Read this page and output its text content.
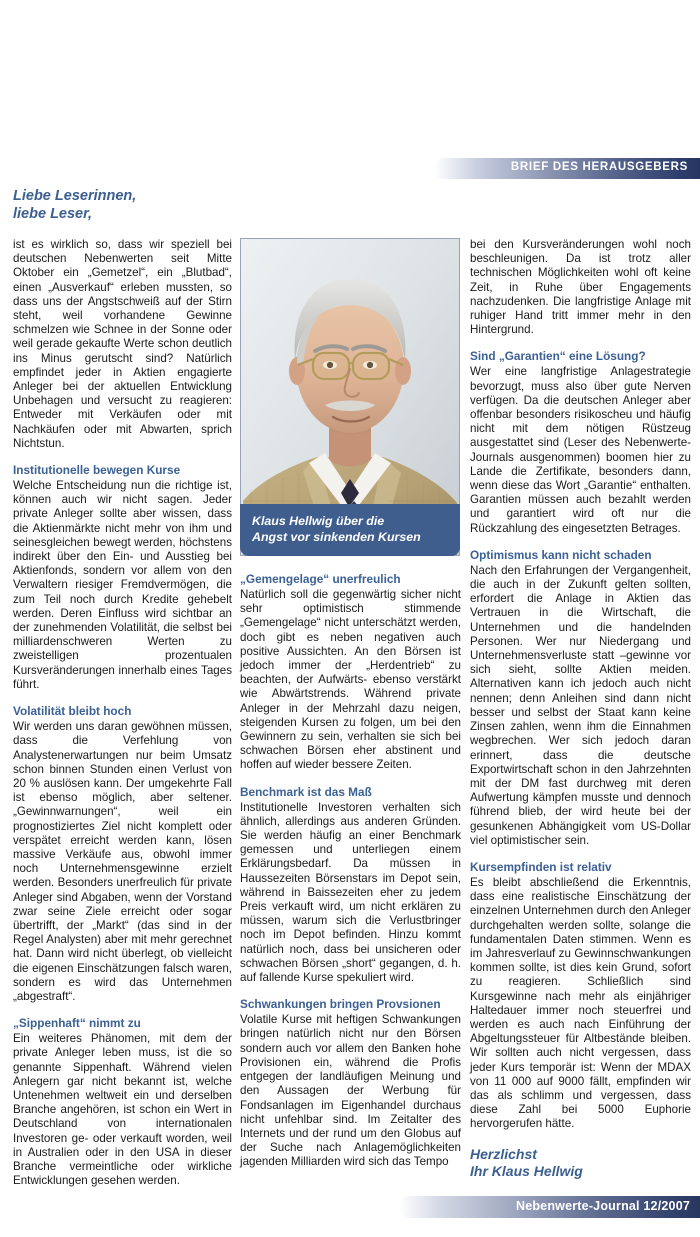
BRIEF DES HERAUSGEBERS
Liebe Leserinnen,
liebe Leser,

ist es wirklich so, dass wir speziell bei deutschen Nebenwerten seit Mitte Oktober ein „Gemetzel“, ein „Blutbad“, einen „Ausverkauf“ erleben mussten, so dass uns der Angstschweiß auf der Stirn steht, weil vorhandene Gewinne schmelzen wie Schnee in der Sonne oder weil gerade gekaufte Werte schon deutlich ins Minus gerutscht sind? Natürlich empfindet jeder in Aktien engagierte Anleger bei der aktuellen Entwicklung Unbehagen und versucht zu reagieren: Entweder mit Verkäufen oder mit Nachkäufen oder mit Abwarten, sprich Nichtstun.

Institutionelle bewegen Kurse

Welche Entscheidung nun die richtige ist, können auch wir nicht sagen. Jeder private Anleger sollte aber wissen, dass die Aktienmärkte nicht mehr von ihm und seinesgleichen bewegt werden, höchstens indirekt über den Ein- und Ausstieg bei Aktienfonds, sondern vor allem von den Verwaltern riesiger Fremdvermögen, die zum Teil noch durch Kredite gehebelt werden. Deren Einfluss wird sichtbar an der zunehmenden Volatilität, die selbst bei milliardenschweren Werten zu zweistelligen prozentualen Kursveränderungen innerhalb eines Tages führt.

Volatilität bleibt hoch

Wir werden uns daran gewöhnen müssen, dass die Verfehlung von Analystenerwartungen nur beim Umsatz schon binnen Stunden einen Verlust von 20 % auslösen kann. Der umgekehrte Fall ist ebenso möglich, aber seltener. „Gewinnwarnungen“, weil ein prognostiziertes Ziel nicht komplett oder verspätet erreicht werden kann, lösen massive Verkäufe aus, obwohl immer noch Unternehmensgewinne erzielt werden. Besonders unerfreulich für private Anleger sind Abgaben, wenn der Vorstand zwar seine Ziele erreicht oder sogar übertrifft, der „Markt“ (das sind in der Regel Analysten) aber mit mehr gerechnet hat. Dann wird nicht überlegt, ob vielleicht die eigenen Einschätzungen falsch waren, sondern es wird das Unternehmen „abgestraft“.

„Sippenhaft“ nimmt zu

Ein weiteres Phänomen, mit dem der private Anleger leben muss, ist die so genannte Sippenhaft. Während vielen Anlegern gar nicht bekannt ist, welche Untenehmen weltweit ein und derselben Branche angehören, ist schon ein Wert in Deutschland von internationalen Investoren ge- oder verkauft worden, weil in Australien oder in den USA in dieser Branche vermeintliche oder wirkliche Entwicklungen gesehen werden.

Klaus Hellwig über die
Angst vor sinkenden Kursen
„Gemengelage“ unerfreulich

Natürlich soll die gegenwärtig sicher nicht sehr optimistisch stimmende „Gemengelage“ nicht unterschätzt werden, doch gibt es neben negativen auch positive Aussichten. An den Börsen ist jedoch immer der „Herdentrieb“ zu beachten, der Aufwärts- ebenso verstärkt wie Abwärtstrends. Während private Anleger in der Mehrzahl dazu neigen, steigenden Kursen zu folgen, um bei den Gewinnern zu sein, verhalten sie sich bei schwachen Börsen eher abstinent und hoffen auf wieder bessere Zeiten.

Benchmark ist das Maß

Institutionelle Investoren verhalten sich ähnlich, allerdings aus anderen Gründen. Sie werden häufig an einer Benchmark gemessen und unterliegen einem Erklärungsbedarf. Da müssen in Haussezeiten Börsenstars im Depot sein, während in Baissezeiten eher zu jedem Preis verkauft wird, um nicht erklären zu müssen, warum sich die Verlustbringer noch im Depot befinden. Hinzu kommt natürlich noch, dass bei unsicheren oder schwachen Börsen „short“ gegangen, d. h. auf fallende Kurse spekuliert wird.

Schwankungen bringen Provsionen

Volatile Kurse mit heftigen Schwankungen bringen natürlich nicht nur den Börsen sondern auch vor allem den Banken hohe Provisionen ein, während die Profis entgegen der landläufigen Meinung und den Aussagen der Werbung für Fondsanlagen im Eigenhandel durchaus nicht unfehlbar sind. Im Zeitalter des Internets und der rund um den Globus auf der Suche nach Anlagemöglichkeiten jagenden Milliarden wird sich das Tempo

bei den Kursveränderungen wohl noch beschleunigen. Da ist trotz aller technischen Möglichkeiten wohl oft keine Zeit, in Ruhe über Engagements nachzudenken. Die langfristige Anlage mit ruhiger Hand tritt immer mehr in den Hintergrund.

Sind „Garantien“ eine Lösung?

Wer eine langfristige Anlagestrategie bevorzugt, muss also über gute Nerven verfügen. Da die deutschen Anleger aber offenbar besonders risikoscheu und häufig nicht mit dem nötigen Rüstzeug ausgestattet sind (Leser des Nebenwerte-Journals ausgenommen) boomen hier zu Lande die Zertifikate, besonders dann, wenn diese das Wort „Garantie“ enthalten. Garantien müssen auch bezahlt werden und garantiert wird oft nur die Rückzahlung des eingesetzten Betrages.

Optimismus kann nicht schaden

Nach den Erfahrungen der Vergangenheit, die auch in der Zukunft gelten sollten, erfordert die Anlage in Aktien das Vertrauen in die Wirtschaft, die Unternehmen und die handelnden Personen. Wer nur Niedergang und Unternehmensverluste statt –gewinne vor sich sieht, sollte Aktien meiden. Alternativen kann ich jedoch auch nicht nennen; denn Anleihen sind dann nicht besser und selbst der Staat kann keine Zinsen zahlen, wenn ihm die Einnahmen wegbrechen. Wer sich jedoch daran erinnert, dass die deutsche Exportwirtschaft schon in den Jahrzehnten mit der DM fast durchweg mit deren Aufwertung kämpfen musste und dennoch führend blieb, der wird heute bei der gesunkenen Abhängigkeit vom US-Dollar viel optimistischer sein.

Kursempfinden ist relativ

Es bleibt abschließend die Erkenntnis, dass eine realistische Einschätzung der einzelnen Unternehmen durch den Anleger durchgehalten werden sollte, solange die fundamentalen Daten stimmen. Wenn es im Jahresverlauf zu Gewinnschwankungen kommen sollte, ist dies kein Grund, sofort zu reagieren. Schließlich sind Kursgewinne nach mehr als einjähriger Haltedauer immer noch steuerfrei und werden es auch nach Einführung der Abgeltungssteuer für Altbestände bleiben. Wir sollten auch nicht vergessen, dass jeder Kurs temporär ist: Wenn der MDAX von 11 000 auf 9000 fällt, empfinden wir das als schlimm und vergessen, dass diese Zahl bei 5000 Euphorie hervorgerufen hätte.

Herzlichst
Ihr Klaus Hellwig
Nebenwerte-Journal 12/2007
